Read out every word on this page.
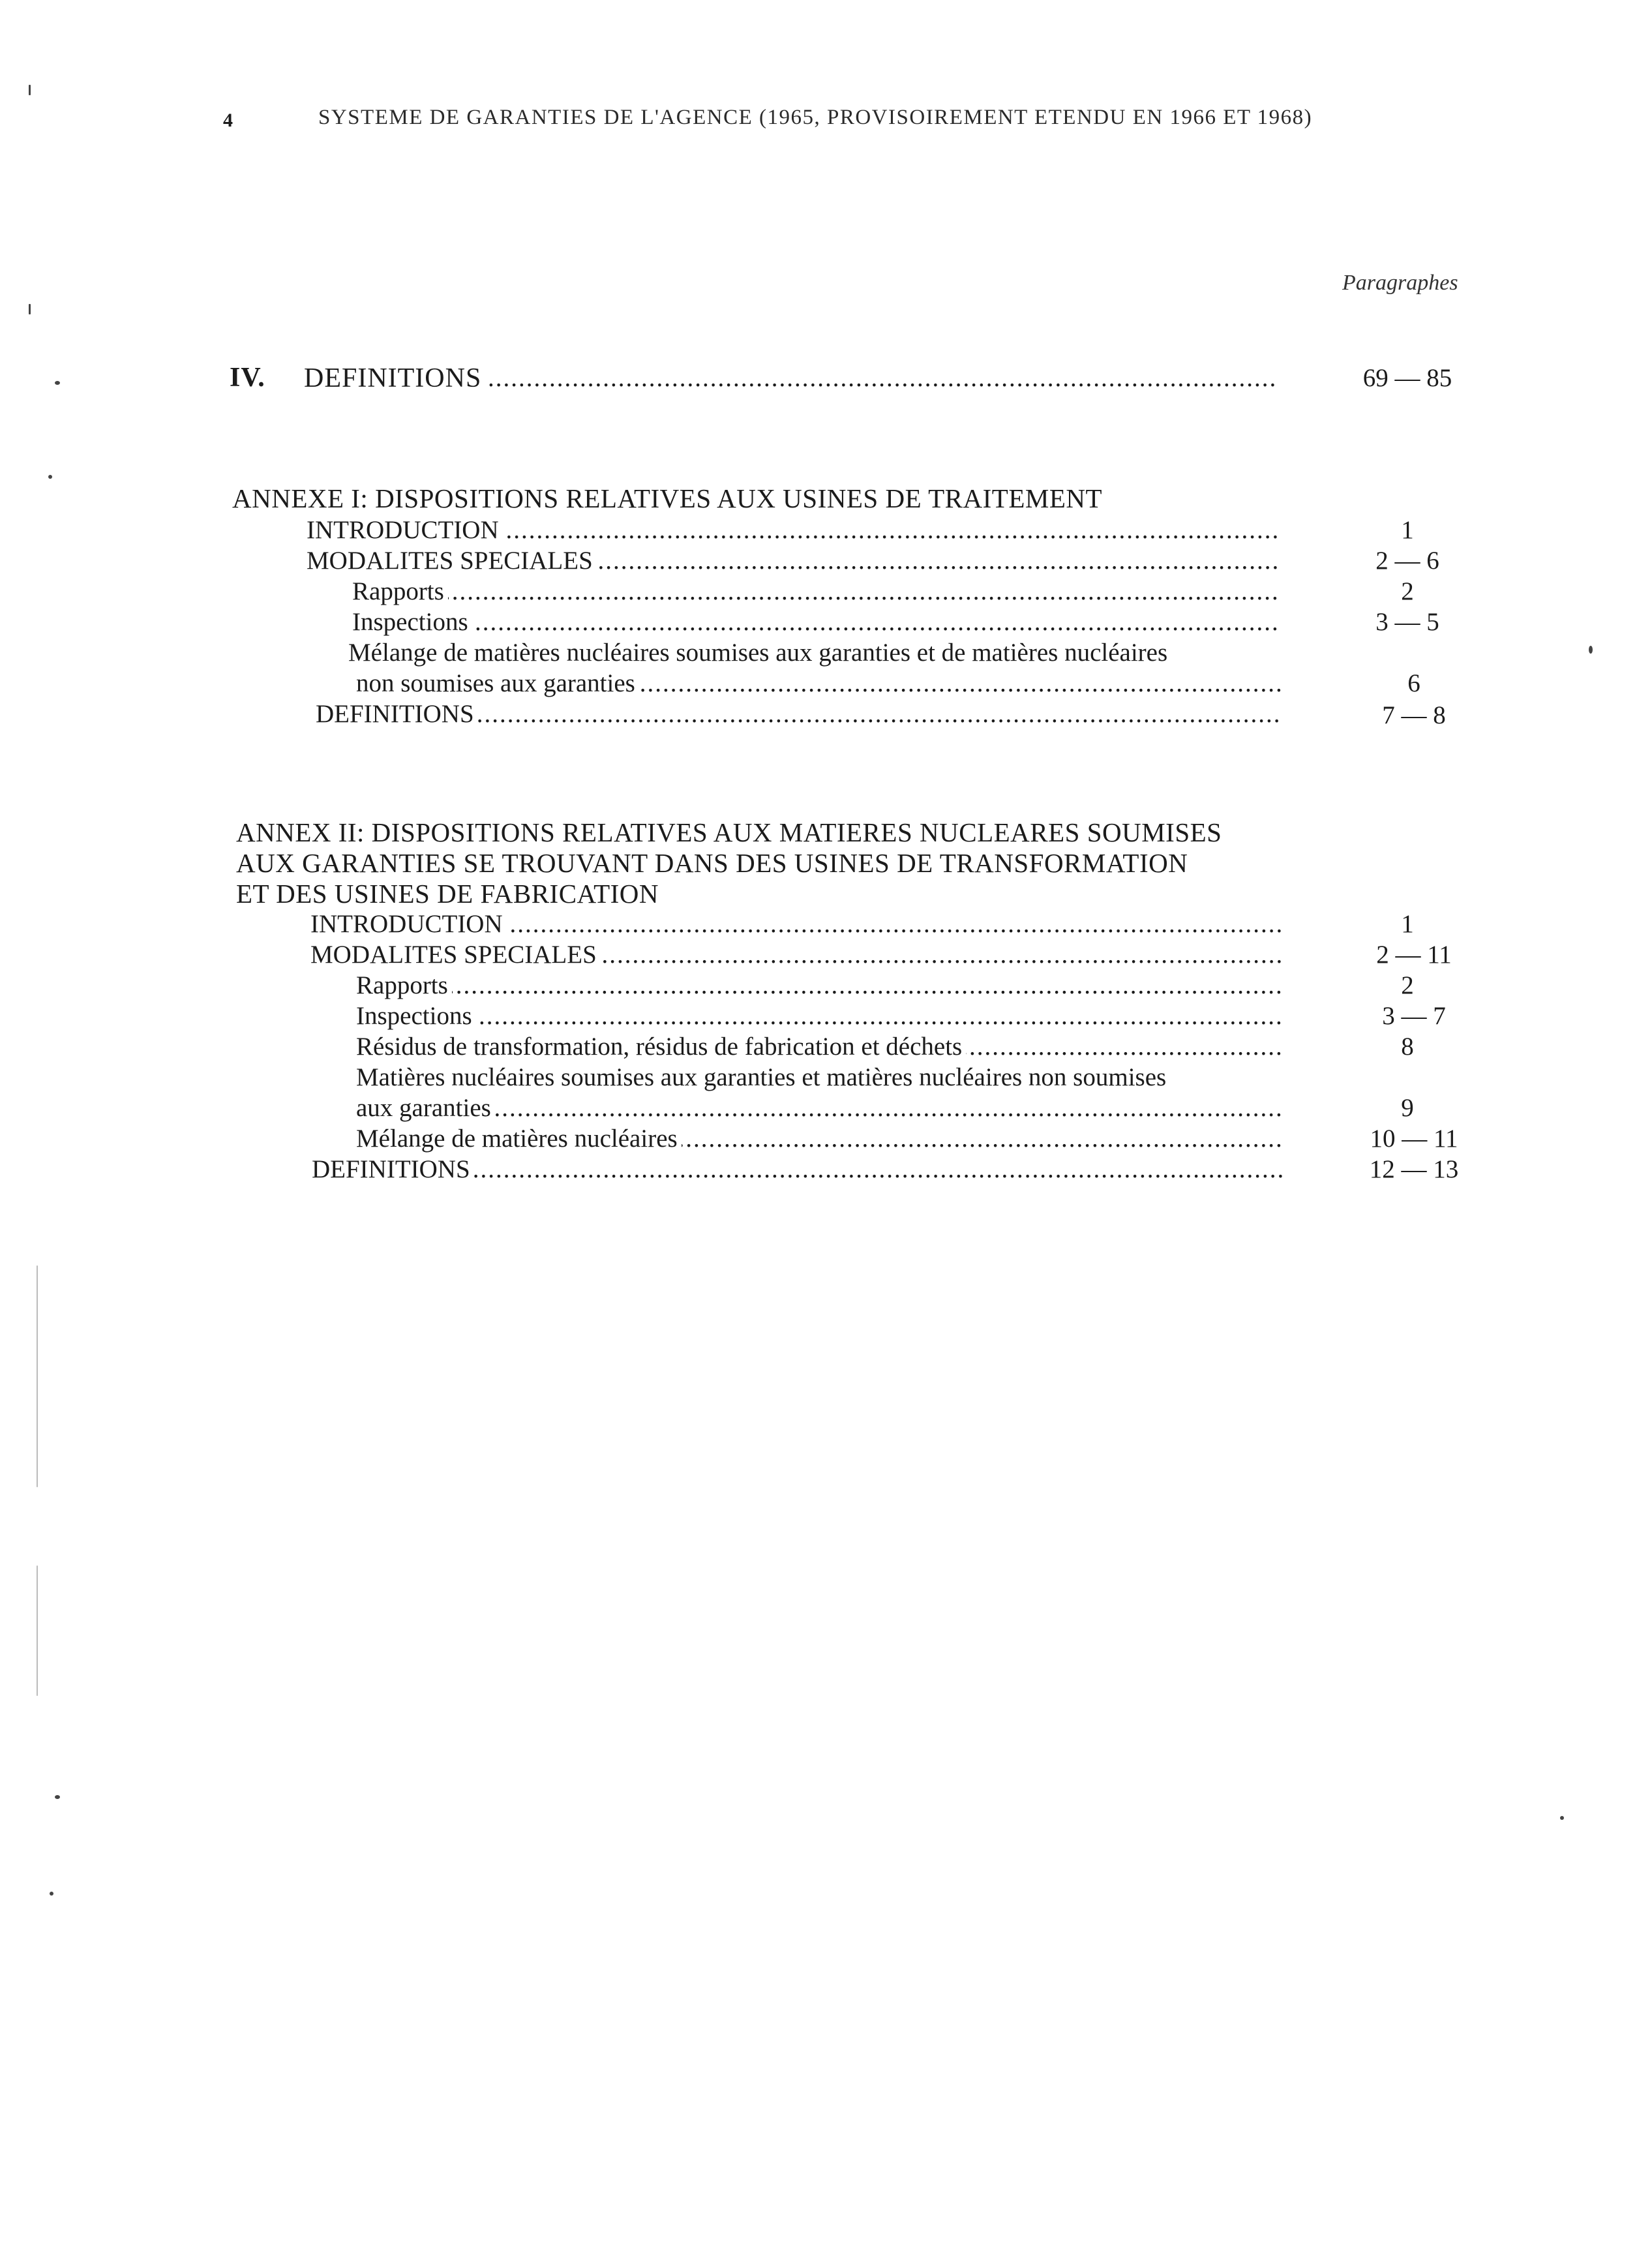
4	SYSTEME DE GARANTIES DE L'AGENCE (1965, PROVISOIREMENT ETENDU EN 1966 ET 1968)
Paragraphes
IV. DEFINITIONS .....	69 — 85
ANNEXE I: DISPOSITIONS RELATIVES AUX USINES DE TRAITEMENT
INTRODUCTION .....	1
MODALITES SPECIALES .....	2 — 6
Rapports .....	2
Inspections .....	3 — 5
Mélange de matières nucléaires soumises aux garanties et de matières nucléaires
non soumises aux garanties .....	6
DEFINITIONS .....	7 — 8
ANNEX II: DISPOSITIONS RELATIVES AUX MATIERES NUCLEARES SOUMISES
AUX GARANTIES SE TROUVANT DANS DES USINES DE TRANSFORMATION
ET DES USINES DE FABRICATION
INTRODUCTION .....	1
MODALITES SPECIALES .....	2 — 11
Rapports .....	2
Inspections .....	3 — 7
Résidus de transformation, résidus de fabrication et déchets .....	8
Matières nucléaires soumises aux garanties et matières nucléaires non soumises
aux garanties .....	9
Mélange de matières nucléaires .....	10 — 11
DEFINITIONS .....	12 — 13
